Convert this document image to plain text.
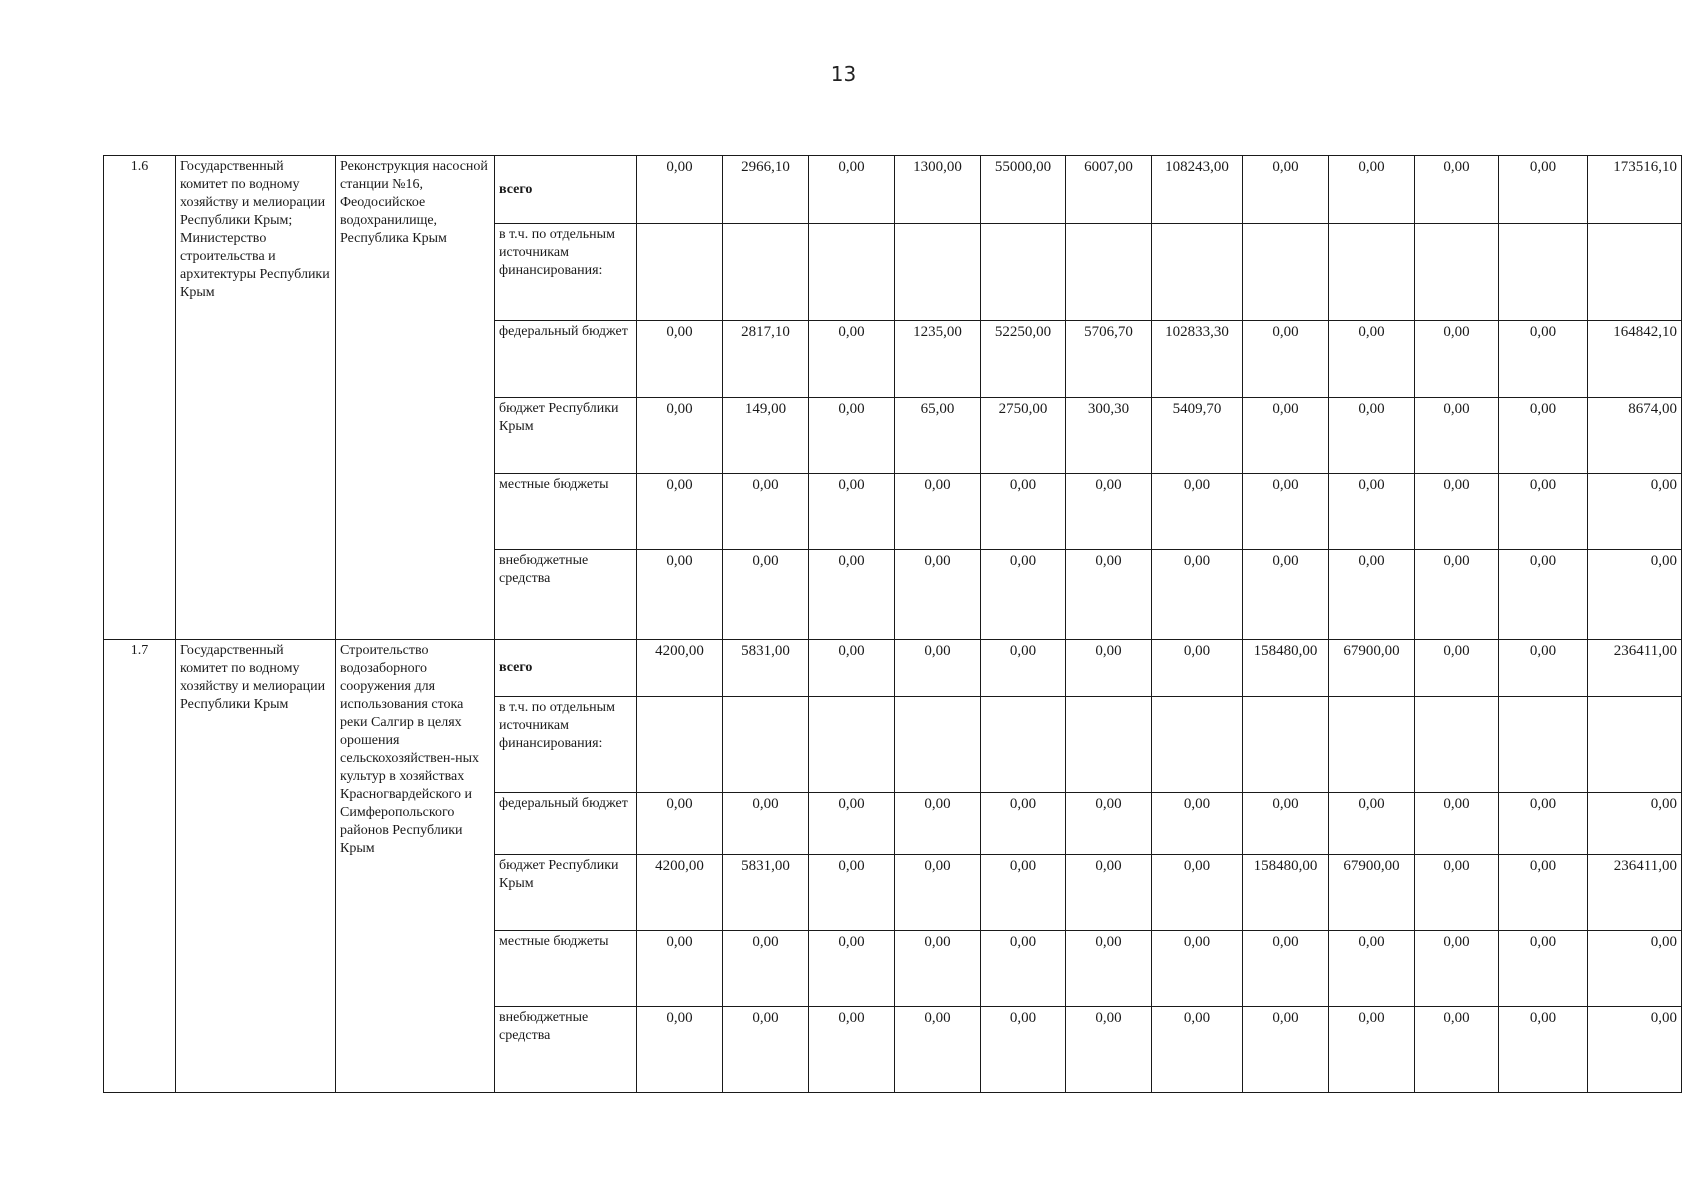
13
1.6	Государственный комитет по водному хозяйству и мелиорации Республики Крым; Министерство строительства и архитектуры Республики Крым	Реконструкция насосной станции №16, Феодосийское водохранилище, Республика Крым	всего	0,00	2966,10	0,00	1300,00	55000,00	6007,00	108243,00	0,00	0,00	0,00	0,00	173516,10
			в т.ч. по отдельным источникам финансирования:												
			федеральный бюджет	0,00	2817,10	0,00	1235,00	52250,00	5706,70	102833,30	0,00	0,00	0,00	0,00	164842,10
			бюджет Республики Крым	0,00	149,00	0,00	65,00	2750,00	300,30	5409,70	0,00	0,00	0,00	0,00	8674,00
			местные бюджеты	0,00	0,00	0,00	0,00	0,00	0,00	0,00	0,00	0,00	0,00	0,00	0,00
			внебюджетные средства	0,00	0,00	0,00	0,00	0,00	0,00	0,00	0,00	0,00	0,00	0,00	0,00
1.7	Государственный комитет по водному хозяйству и мелиорации Республики Крым	Строительство водозаборного сооружения для использования стока реки Салгир в целях орошения сельскохозяйствен-ных культур в хозяйствах Красногвардейского и Симферопольского районов Республики Крым	всего	4200,00	5831,00	0,00	0,00	0,00	0,00	0,00	158480,00	67900,00	0,00	0,00	236411,00
			в т.ч. по отдельным источникам финансирования:												
			федеральный бюджет	0,00	0,00	0,00	0,00	0,00	0,00	0,00	0,00	0,00	0,00	0,00	0,00
			бюджет Республики Крым	4200,00	5831,00	0,00	0,00	0,00	0,00	0,00	158480,00	67900,00	0,00	0,00	236411,00
			местные бюджеты	0,00	0,00	0,00	0,00	0,00	0,00	0,00	0,00	0,00	0,00	0,00	0,00
			внебюджетные средства	0,00	0,00	0,00	0,00	0,00	0,00	0,00	0,00	0,00	0,00	0,00	0,00
